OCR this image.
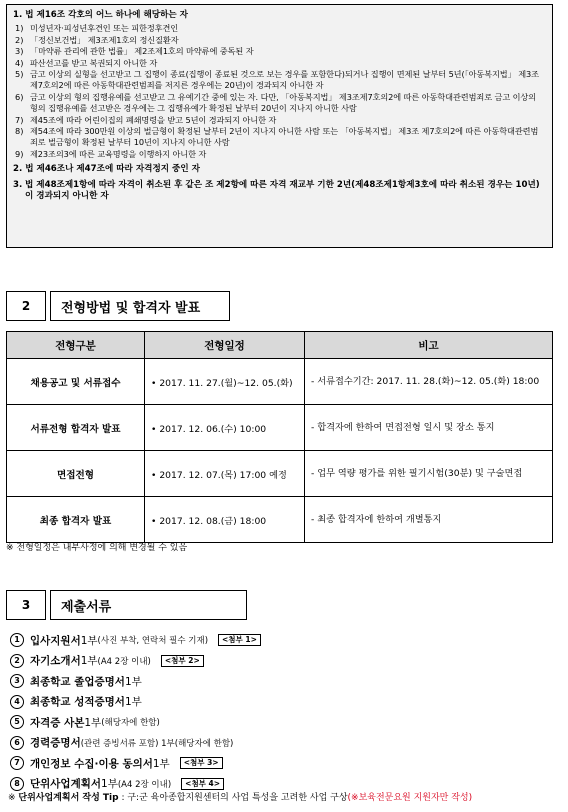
1. 법 제16조 각호의 어느 하나에 해당하는 자
1) 미성년자·피성년후견인 또는 피한정후견인
2) 「정신보건법」 제3조제1호의 정신질환자
3) 「마약류 관리에 관한 법률」 제2조제1호의 마약류에 중독된 자
4) 파산선고를 받고 복권되지 아니한 자
5) 금고 이상의 실형을 선고받고 그 집행이 종료(집행이 종료된 것으로 보는 경우를 포함한다)되거나 집행이 면제된 날부터 5년(「아동복지법」 제3조제7호의2에 따른 아동학대관련범죄를 저지른 경우에는 20년)이 경과되지 아니한 자
6) 금고 이상의 형의 집행유예를 선고받고 그 유예기간 중에 있는 자. 다만, 「아동복지법」 제3조제7호의2에 따른 아동학대관련범죄로 금고 이상의 형의 집행유예를 선고받은 경우에는 그 집행유예가 확정된 날부터 20년이 지나지 아니한 사람
7) 제45조에 따라 어린이집의 폐쇄명령을 받고 5년이 경과되지 아니한 자
8) 제54조에 따라 300만원 이상의 벌금형이 확정된 날부터 2년이 지나지 아니한 사람 또는 「아동복지법」 제3조 제7호의2에 따른 아동학대관련범죄로 벌금형이 확정된 날부터 10년이 지나지 아니한 사람
9) 제23조의3에 따른 교육명령을 이행하지 아니한 자
2. 법 제46조나 제47조에 따라 자격정지 중인 자
3. 법 제48조제1항에 따라 자격이 취소된 후 같은 조 제2항에 따른 자격 재교부 기한 2년(제48조제1항제3호에 따라 취소된 경우는 10년)이 경과되지 아니한 자
2	전형방법 및 합격자 발표
전형구분	전형일정	비고
채용공고 및 서류접수	• 2017. 11. 27.(월)~12. 05.(화)	- 서류접수기간: 2017. 11. 28.(화)~12. 05.(화) 18:00
서류전형 합격자 발표	• 2017. 12. 06.(수) 10:00	- 합격자에 한하여 면접전형 일시 및 장소 통지
면접전형	• 2017. 12. 07.(목) 17:00 예정	- 업무 역량 평가를 위한 필기시험(30분) 및 구술면접
최종 합격자 발표	• 2017. 12. 08.(금) 18:00	- 최종 합격자에 한하여 개별통지
※ 전형일정은 내부사정에 의해 변경될 수 있음
3	제출서류
1 입사지원서 1부 (사진 부착, 연락처 필수 기재)	<첨부 1>
2 자기소개서 1부 (A4 2장 이내)	<첨부 2>
3 최종학교 졸업증명서 1부
4 최종학교 성적증명서 1부
5 자격증 사본 1부 (해당자에 한함)
6 경력증명서 (관련 증빙서류 포함) 1부(해당자에 한함)
7 개인정보 수집·이용 동의서 1부	<첨부 3>
8 단위사업계획서 1부 (A4 2장 이내)	<첨부 4>
※ 단위사업계획서 작성 Tip : 구:군 육아종합지원센터의 사업 특성을 고려한 사업 구상(※보육전문요원 지원자만 작성)
